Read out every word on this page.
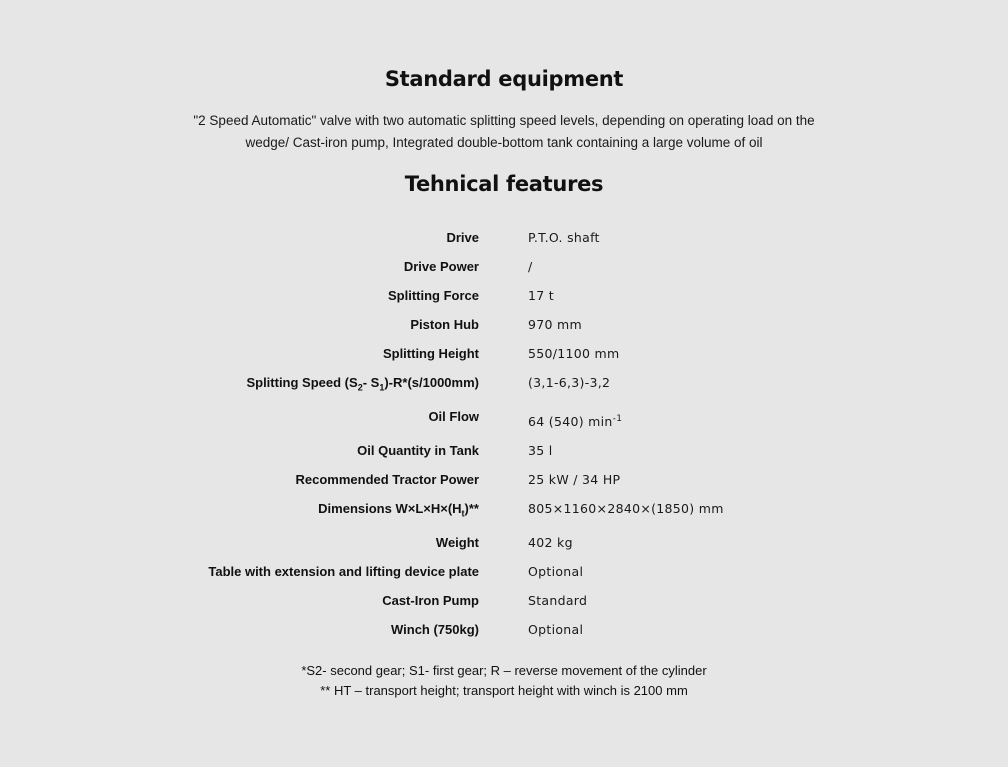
Standard equipment
"2 Speed Automatic" valve with two automatic splitting speed levels, depending on operating load on the wedge/ Cast-iron pump, Integrated double-bottom tank containing a large volume of oil
Tehnical features
Drive	P.T.O. shaft
Drive Power	/
Splitting Force	17 t
Piston Hub	970 mm
Splitting Height	550/1100 mm
Splitting Speed ($S_2-$ $S_1)-R*(s/1000mm)$	(3,1-6,3)-3,2
Oil Flow	64 (540) $\min^{-1}$
Oil Quantity in Tank	35 l
Recommended Tractor Power	25 kW / 34 HP
Dimensions $W\times L\times H\times(H_t)**$	805×1160×2840×(1850) mm
Weight	402 kg
Table with extension and lifting device plate	Optional
Cast-Iron Pump	Standard
Winch (750kg)	Optional
*S2- second gear; S1- first gear; R – reverse movement of the cylinder
** HT – transport height; transport height with winch is 2100 mm
